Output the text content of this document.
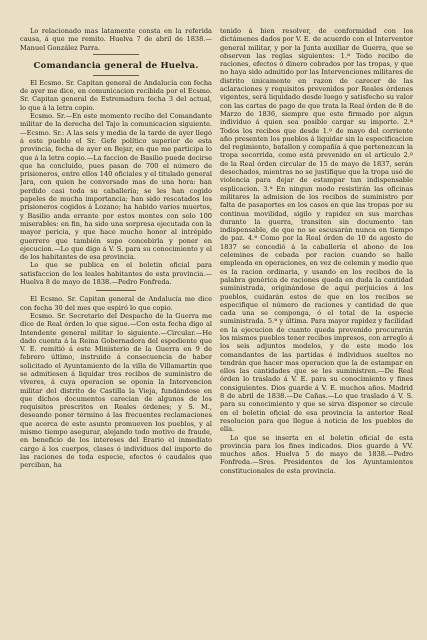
Lo relacionado mas latamente consta en la referida causa, á que me remito. Huelva 7 de abril de 1838.—Manuel González Parra.

Comandancia general de Huelva.

El Ecsmo. Sr. Capitan general de Andalucía con fecha de ayer me dice, en comunicacion recibida por el Ecsmo. Sr. Capitan general de Estremadura fecha 3 del actual, lo que á la letra copio.

Ecsmo. Sr.—En este momento recibo del Comandante militar de la derecha del Tajo la comunicacion siguiente.—Ecsmo. Sr.: A las seis y media de la tarde de ayer llegó á este pueblo el Sr. Gefe político superior de esta provincia, fecha de ayer en Bejar, en que me participa lo que á la letra copio.—La faccion de Basilio puede decirse que ha concluido, pues pasan de 700 el número de prisioneros, entre ellos 140 oficiales y el titulado general Jara, con quien he conversado mas de una hora: han perdido casi toda su caballería; se les han cogido papeles de mucha importancia; han sido rescatados los prisioneros cogidos á Lozano; ha habido varios muertos, y Basilio anda errante por estos montes con solo 100 miserables: en fin, ha sido una sorpresa ejecutada con la mayor pericia, y que hace mucho honor al intrépido guerrero que también supo concebirla y poner en ejecucion.—Lo que digo á V. S. para su conocimiento y el de los habitantes de esa provincia.

Lo que se publica en el boletin oficial para satisfaccion de los leales habitantes de esta provincia.— Huelva 8 de mayo de 1838.—Pedro Fonfreda.

El Ecsmo. Sr. Capitan general de Andalucía me dice con fecha 30 del mes que espiró lo que copio.

Ecsmo. Sr. Secretario del Despacho de la Guerra me dice de Real órden lo que sigue.—Con esta fecha digo al Intendente general militar lo siguiente.—Circular.—He dado cuenta á la Reina Gobernadora del espediente que V. E. remitió á este Ministerio de la Guerra en 9 de febrero último, instruido á consecuencia de haber solicitado el Ayuntamiento de la villa de Villamartin que se admitiesen á liquidar tres recibos de suministro de víveres, á cuya operacion se oponia la Intervencion militar del distrito de Castilla la Vieja, fundándose en que dichos documentos carecian de algunos de los requisitos prescritos en Reales órdenes; y S. M., deseando poner término á las frecuentes reclamaciones que acerca de este asunto promueven los pueblos, y al mismo tiempo asegurar, alejando todo motivo de fraude, en beneficio de los intereses del Erario el inmediato cargo á los cuerpos, clases ó individuos del importe de las raciones de toda especie, efectos ó caudales que perciban, ha

tenido á bien resolver, de conformidad con los dictámenes dados por V. E. de acuerdo con el Interventor general militar, y por la Junta auxiliar de Guerra, que se observen las reglas siguientes: 1.ª Todo recibo de raciones, efectos ó dinero cobrados por las tropas, y que no haya sido admitido por las Intervenciones militares de distrito únicamente en razon de carecer de las aclaraciones y requisitos prevenidos por Reales órdenes vigentes, será liquidado desde luego y satisfecho su valor con las cartas de pago de que trata la Real órden de 8 de Marzo de 1836, siempre que este firmado por algun individuo á quien sea posible cargar su importe. 2.ª Todos los recibos que desde 1.º de mayo del corriente año presenten los pueblos á liquidar sin la especificacion del regimiento, batallon y compañía á que pertenezcan la tropa socorrida, como está prevenido en el artículo 2.º de la Real órden circular de 15 de mayo de 1837, serán desechados, mientras no se justifique que la tropa usó de violencia para dejar de estampar tan indispensable esplicacion. 3.ª En ningun modo resistirán las oficinas militares la admision de los recibos de suministro por falta de pasaportes en los casos en que las tropas por su continua movilidad, sigilo y rapidez en sus marchas durante la guerra, transiten sin documento tan indispensable, de que no se escusarán nunca en tiempo de paz. 4.ª Como por la Real órden de 10 de agosto de 1837 se concedió á la caballería el abono de los celemines de cebada por racion cuando se halle empleada en operaciones, en vez de celemin y medio que es la racion ordinaria, y usando en los recibos de la palabra genérica de raciones queda en duda la cantidad suministrada, originándose de aquí perjuicios á los pueblos, cuidarán estos de que en los recibos se especifique el número de raciones y cantidad de que cada una se componga, ó el total de la especie suministrada. 5.ª y última. Para mayor rapidez y facilidad en la ejecucion de cuanto queda prevenido procurarán los mismos pueblos tener recibos impresos, con arreglo á los seis adjuntos modelos, y de este modo los comandantes de las partidas é individuos sueltos no tendrán que hacer mas operacion que la de estampar en ellos las cantidades que se les suministren.—De Real órden lo traslado á V. E. para su conocimiento y fines consiguientes. Dios guarde á V. E. muchos años. Madrid 8 de abril de 1838.—De Cañas.—Lo que traslado á V. S. para su conocimiento y que se sirva disponer se circule en el boletin oficial de esa provincia la anterior Real resolucion para que llegue á noticia de los pueblos de ella.

Lo que se inserta en el boletin oficial de esta provincia para los fines indicados. Dios guarde á VV. muchos años. Huelva 5 de mayo de 1838.—Pedro Fonfreda.—Sres. Presidentes de los Ayuntamientos constitucionales de esta provincia.
